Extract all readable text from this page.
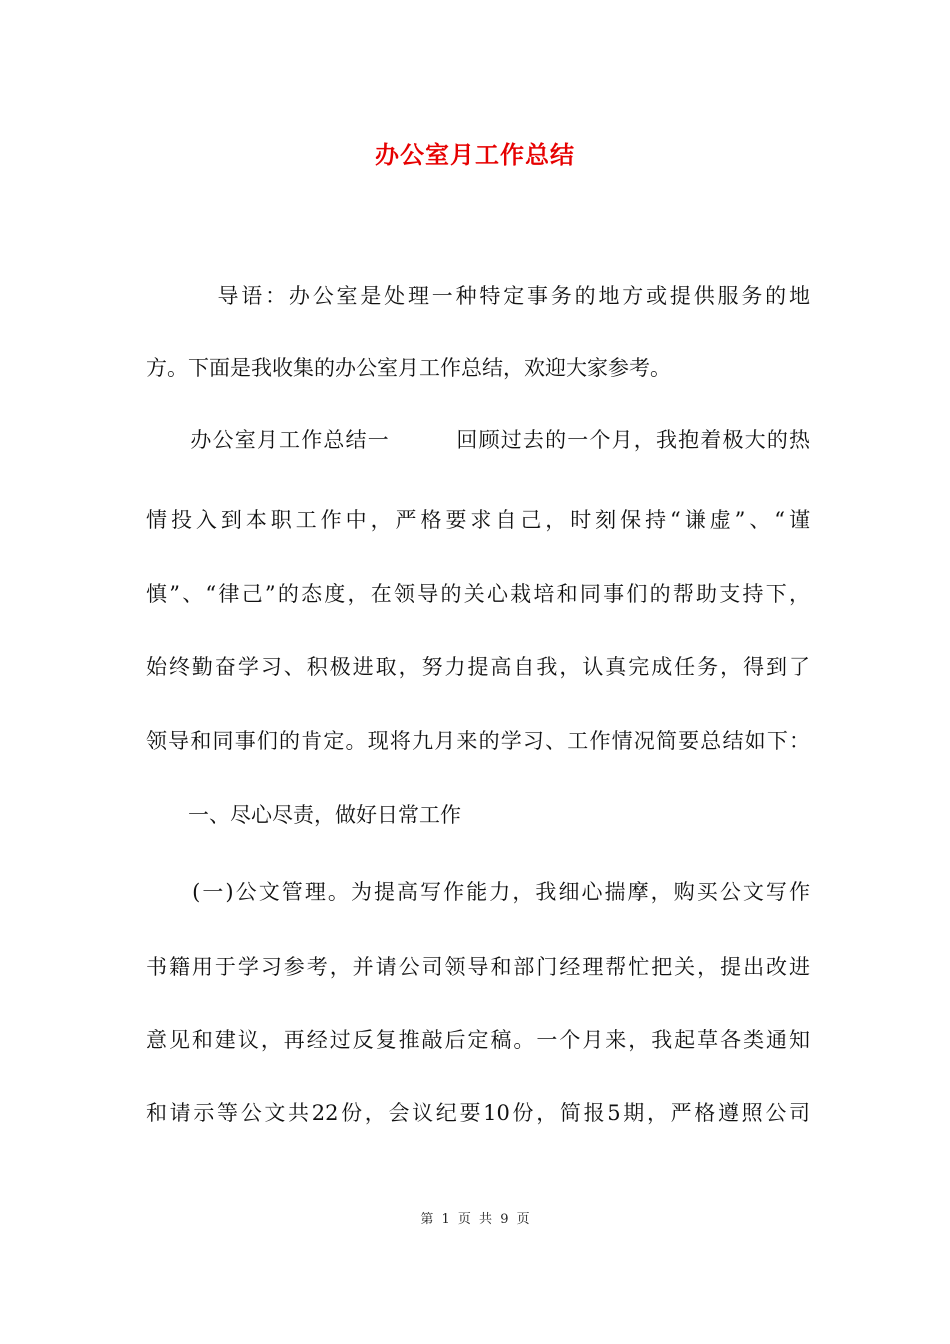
办公室月工作总结

　　　导语：办公室是处理一种特定事务的地方或提供服务的地

方。下面是我收集的办公室月工作总结，欢迎大家参考。

　　办公室月工作总结一　　　回顾过去的一个月，我抱着极大的热

情投入到本职工作中，严格要求自己，时刻保持“谦虚”、“谨

慎”、“律己”的态度，在领导的关心栽培和同事们的帮助支持下，

始终勤奋学习、积极进取，努力提高自我，认真完成任务，得到了

领导和同事们的肯定。现将九月来的学习、工作情况简要总结如下：

　　一、尽心尽责，做好日常工作

　　(一)公文管理。为提高写作能力，我细心揣摩，购买公文写作

书籍用于学习参考，并请公司领导和部门经理帮忙把关，提出改进

意见和建议，再经过反复推敲后定稿。一个月来，我起草各类通知

和请示等公文共22份，会议纪要10份，简报5期，严格遵照公司

第 1 页 共 9 页
